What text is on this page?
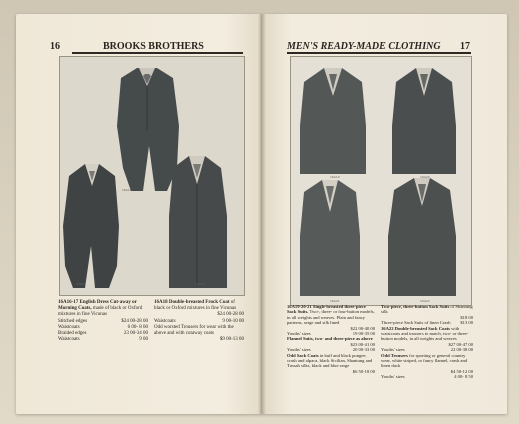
16	BROOKS BROTHERS	MEN'S READY-MADE CLOTHING 17
16A16
16A17	16A18
16A16-17 English Dress Cut-away or Morning Coats, made of black or Oxford mixtures in fine Vicunas
Stitched edges	$24 00-28 00
Waistcoats	6 00- 8 00
Braided edges	23 00-34 00
Waistcoats	9 00
16A18 Double-breasted Frock Coat of black or Oxford mixtures in fine Vicunas
$24 00-28 00
Waistcoats	9 00-10 00
Odd worsted Trousers for wear with the above and with cutaway coats
$9 00-13 00
16A19	16A20
16A21	16A22
16A19-20-21 Single-breasted three-piece Sack Suits. Two-, three- or four-button models, in all weights and weaves. Plain and fancy patterns, serge and silk lined
$22 00-40 00
Youths' sizes	19 00-35 00
Flannel Suits, two- and three-piece as above
$23 00-41 00
Youths' sizes	20 00-33 00
Odd Sack Coats in buff and black pongee, crash and alpaca, black Sicilian, Shantung and Tussah silks, black and blue serge
$6 50-18 00
Two-piece, three-button Sack Suits of Shantung silk
$18 00
Three-piece Sack Suits of linen Crash $13 00
16A22 Double-breasted Sack Coats with waistcoats and trousers to match, two- or three-button models, in all weights and weaves
$27 00-47 00
Youths' sizes	22 00-38 00
Odd Trousers for sporting or general country wear, white striped, or fancy flannel, crash and linen duck
$4 50-12 00
Youths' sizes	4 00- 8 50
